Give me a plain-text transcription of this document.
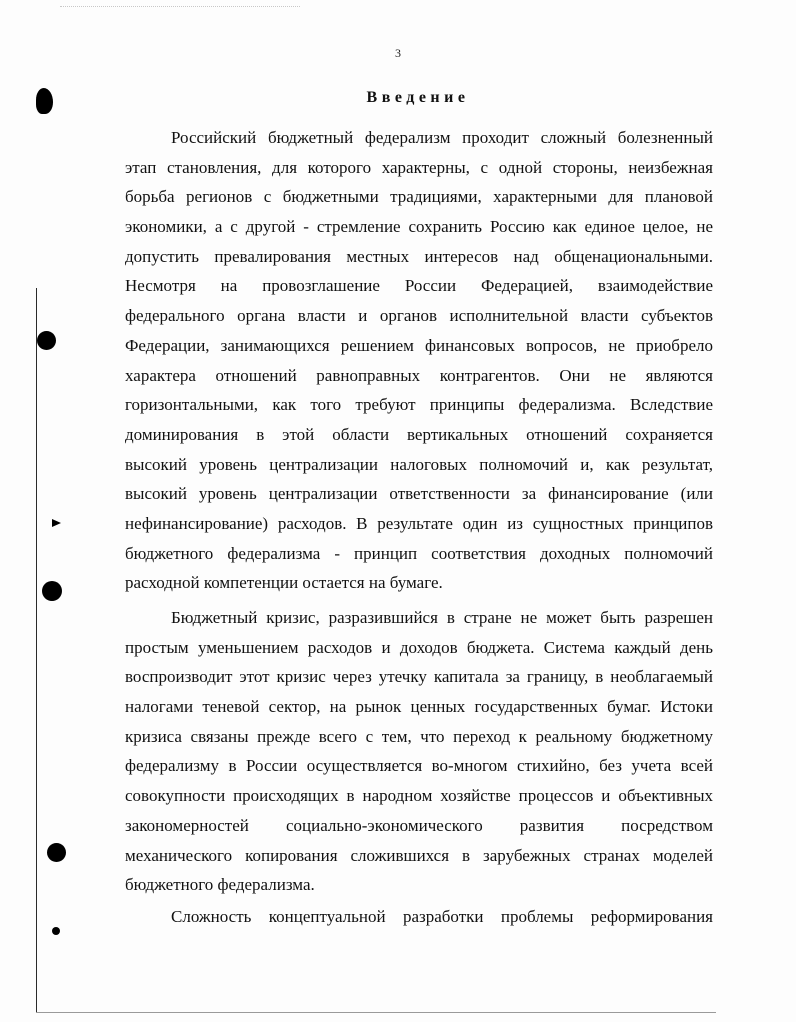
3
Введение
Российский бюджетный федерализм проходит сложный болезненный
этап становления, для которого характерны, с одной стороны, неизбежная
борьба регионов с бюджетными традициями, характерными для плановой
экономики, а с другой - стремление сохранить Россию как единое целое, не
допустить превалирования местных интересов над общенациональными.
Несмотря на провозглашение России Федерацией, взаимодействие
федерального органа власти и органов исполнительной власти субъектов
Федерации, занимающихся решением финансовых вопросов, не приобрело
характера отношений равноправных контрагентов. Они не являются
горизонтальными, как того требуют принципы федерализма. Вследствие
доминирования в этой области вертикальных отношений сохраняется
высокий уровень централизации налоговых полномочий и, как результат,
высокий уровень централизации ответственности за финансирование (или
нефинансирование) расходов. В результате один из сущностных принципов
бюджетного федерализма - принцип соответствия доходных полномочий
расходной компетенции остается на бумаге.
Бюджетный кризис, разразившийся в стране не может быть разрешен
простым уменьшением расходов и доходов бюджета. Система каждый день
воспроизводит этот кризис через утечку капитала за границу, в необлагаемый
налогами теневой сектор, на рынок ценных государственных бумаг. Истоки
кризиса связаны прежде всего с тем, что переход к реальному бюджетному
федерализму в России осуществляется во-многом стихийно, без учета всей
совокупности происходящих в народном хозяйстве процессов и объективных
закономерностей социально-экономического развития посредством
механического копирования сложившихся в зарубежных странах моделей
бюджетного федерализма.
Сложность концептуальной разработки проблемы реформирования
